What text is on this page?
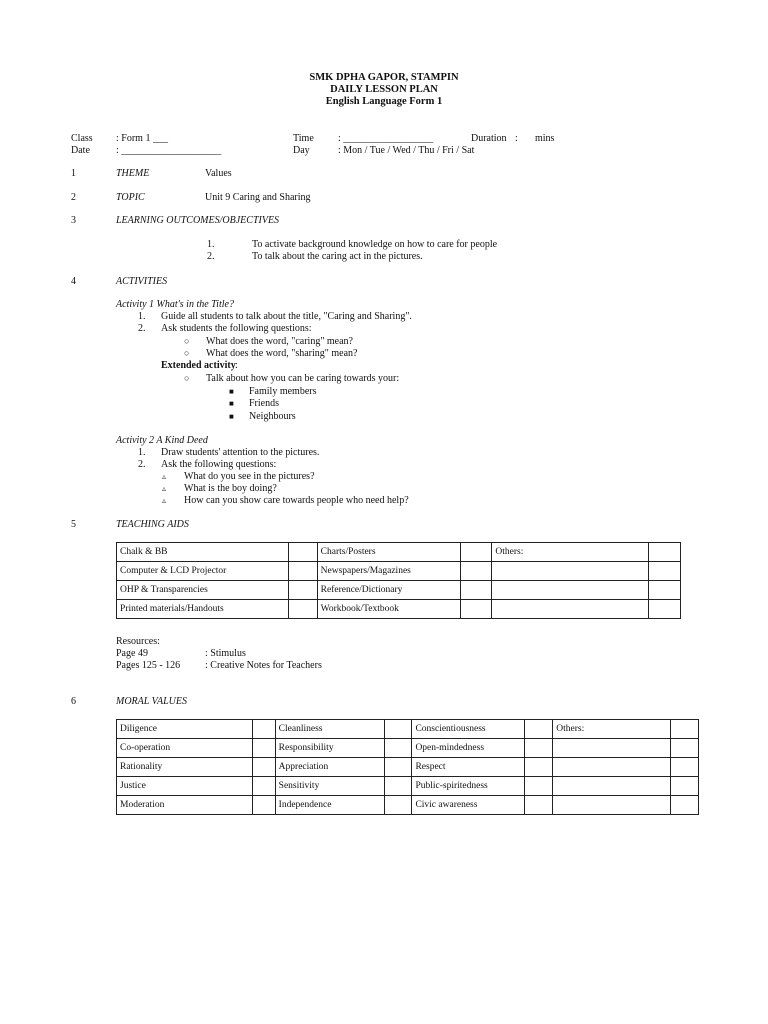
SMK DPHA GAPOR, STAMPIN
DAILY LESSON PLAN
English Language Form 1
Class : Form 1 ___
Date	: ____________________
Time : __________________
Day	: Mon / Tue / Wed / Thu / Fri / Sat
Duration : mins
1	THEME	Values
2	TOPIC	Unit 9 Caring and Sharing
3	LEARNING OUTCOMES/OBJECTIVES
1.	To activate background knowledge on how to care for people
2.	To talk about the caring act in the pictures.
4	ACTIVITIES
Activity 1 What's in the Title?
1. Guide all students to talk about the title, "Caring and Sharing".
2. Ask students the following questions:
○ What does the word, "caring" mean?
○ What does the word, "sharing" mean?
Extended activity :
○ Talk about how you can be caring towards your:
■ Family members
■ Friends
■ Neighbours
Activity 2 A Kind Deed
1. Draw students' attention to the pictures.
2. Ask the following questions:
▵ What do you see in the pictures?
▵ What is the boy doing?
▵ How can you show care towards people who need help?
5	TEACHING AIDS
Chalk & BB		Charts/Posters		Others:	
Computer & LCD Projector		Newspapers/Magazines			
OHP & Transparencies		Reference/Dictionary			
Printed materials/Handouts		Workbook/Textbook			
Resources:
Page 49	: Stimulus
Pages 125 - 126 : Creative Notes for Teachers
6	MORAL VALUES
Diligence		Cleanliness		Conscientiousness		Others:	
Co-operation		Responsibility		Open-mindedness			
Rationality		Appreciation		Respect			
Justice		Sensitivity		Public-spiritedness			
Moderation		Independence		Civic awareness			
